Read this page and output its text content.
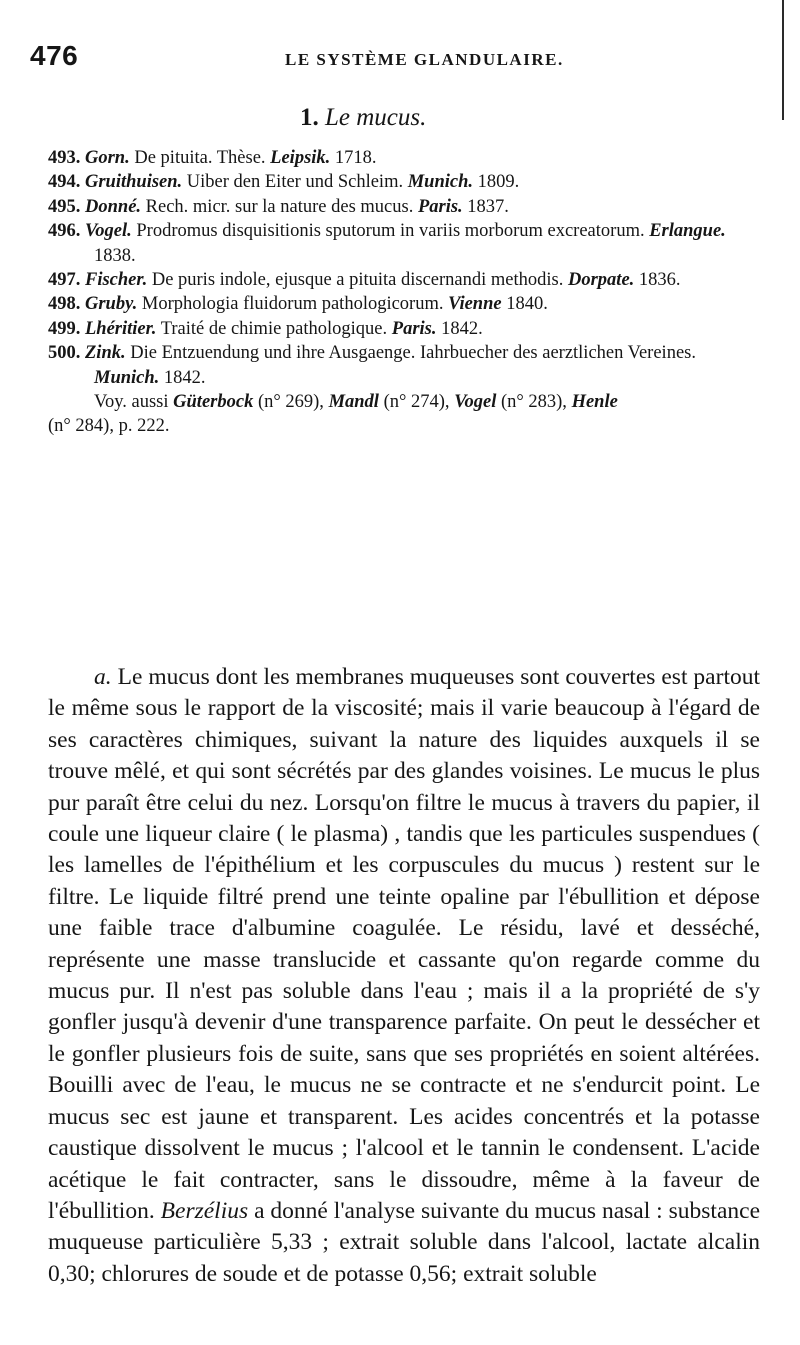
476	LE SYSTÈME GLANDULAIRE.
1. Le mucus.
493. Gorn. De pituita. Thèse. Leipsik. 1718.
494. Gruithuisen. Uiber den Eiter und Schleim. Munich. 1809.
495. Donné. Rech. micr. sur la nature des mucus. Paris. 1837.
496. Vogel. Prodromus disquisitionis sputorum in variis morborum excreatorum. Erlangue. 1838.
497. Fischer. De puris indole, ejusque a pituita discernandi methodis. Dorpate. 1836.
498. Gruby. Morphologia fluidorum pathologicorum. Vienne 1840.
499. Lhéritier. Traité de chimie pathologique. Paris. 1842.
500. Zink. Die Entzuendung und ihre Ausgaenge. Iahrbuecher des aerztlichen Vereines. Munich. 1842.
Voy. aussi Güterbock (n° 269), Mandl (n° 274), Vogel (n° 283), Henle
(n° 284), p. 222.

a. Le mucus dont les membranes muqueuses sont couvertes est partout le même sous le rapport de la viscosité; mais il varie beaucoup à l'égard de ses caractères chimiques, suivant la nature des liquides auxquels il se trouve mêlé, et qui sont sécrétés par des glandes voisines. Le mucus le plus pur paraît être celui du nez. Lorsqu'on filtre le mucus à travers du papier, il coule une liqueur claire ( le plasma) , tandis que les particules suspendues ( les lamelles de l'épithélium et les corpuscules du mucus ) restent sur le filtre. Le liquide filtré prend une teinte opaline par l'ébullition et dépose une faible trace d'albumine coagulée. Le résidu, lavé et desséché, représente une masse translucide et cassante qu'on regarde comme du mucus pur. Il n'est pas soluble dans l'eau ; mais il a la propriété de s'y gonfler jusqu'à devenir d'une transparence parfaite. On peut le dessécher et le gonfler plusieurs fois de suite, sans que ses propriétés en soient altérées. Bouilli avec de l'eau, le mucus ne se contracte et ne s'endurcit point. Le mucus sec est jaune et transparent. Les acides concentrés et la potasse caustique dissolvent le mucus ; l'alcool et le tannin le condensent. L'acide acétique le fait contracter, sans le dissoudre, même à la faveur de l'ébullition. Berzélius a donné l'analyse suivante du mucus nasal : substance muqueuse particulière 5,33 ; extrait soluble dans l'alcool, lactate alcalin 0,30; chlorures de soude et de potasse 0,56; extrait soluble
